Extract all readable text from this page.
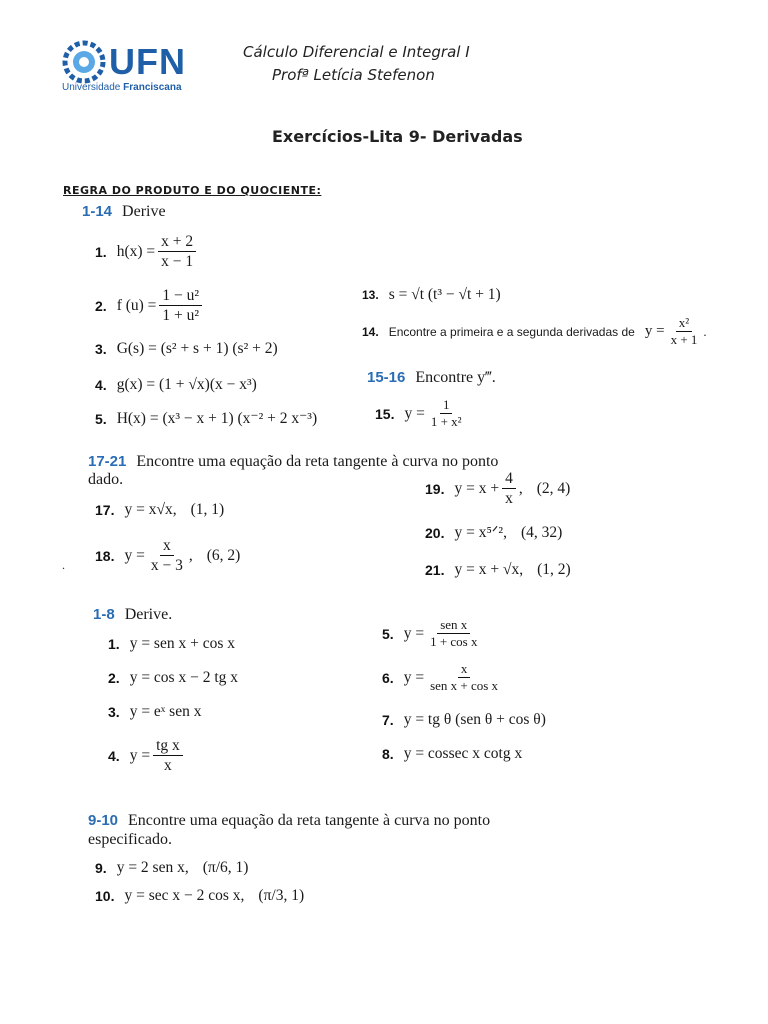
UFN
Universidade Franciscana
Cálculo Diferencial e Integral I
Profª Letícia Stefenon
Exercícios-Lita 9- Derivadas
REGRA DO PRODUTO E DO QUOCIENTE:
1-14 Derive
1. $h(x) = \frac{x + 2}{x - 1}$
2. f $(u) = \frac{\text{1 − u²}}{\text{1 + u²}}$
3. G(s) = (s² + s + 1) (s² + 2)
4. g(x) = (1 + √x)(x − x³)
5. H(x) = (x³ − x + 1) (x⁻² + 2 x⁻³)
13. s = √t (t³ − √t + 1)
14. Encontre a primeira e a segunda derivadas de $y = \frac{\text{x²}}{x + 1}$ .
15-16 Encontre y‴.
15. $y = \frac{1}{\text{1 + x²}}$
17-21 Encontre uma equação da reta tangente à curva no ponto
dado.
17. y = x√x, (1, 1)
18. $y = \frac{x}{x - 3}$ , (6, 2)
.
19. $y = x + \frac{4}{x}$ , (2, 4)
20. y = x⁵ᐟ², (4, 32)
21. y = x + √x, (1, 2)
1-8 Derive.
1. y = sen x + cos x
2. y = cos x − 2 tg x
3. y = eˣ sen x
4. $y = \frac{\text{tg x}}{x}$
5. $y = \frac{\text{sen x}}{\text{1 + cos x}}$
6. $y = \frac{x}{\text{sen x + cos x}}$
7. y = tg θ (sen θ + cos θ)
8. y = cossec x cotg x
9-10 Encontre uma equação da reta tangente à curva no ponto
especificado.
9. y = 2 sen x, (π/6, 1)
10. y = sec x − 2 cos x, (π/3, 1)
